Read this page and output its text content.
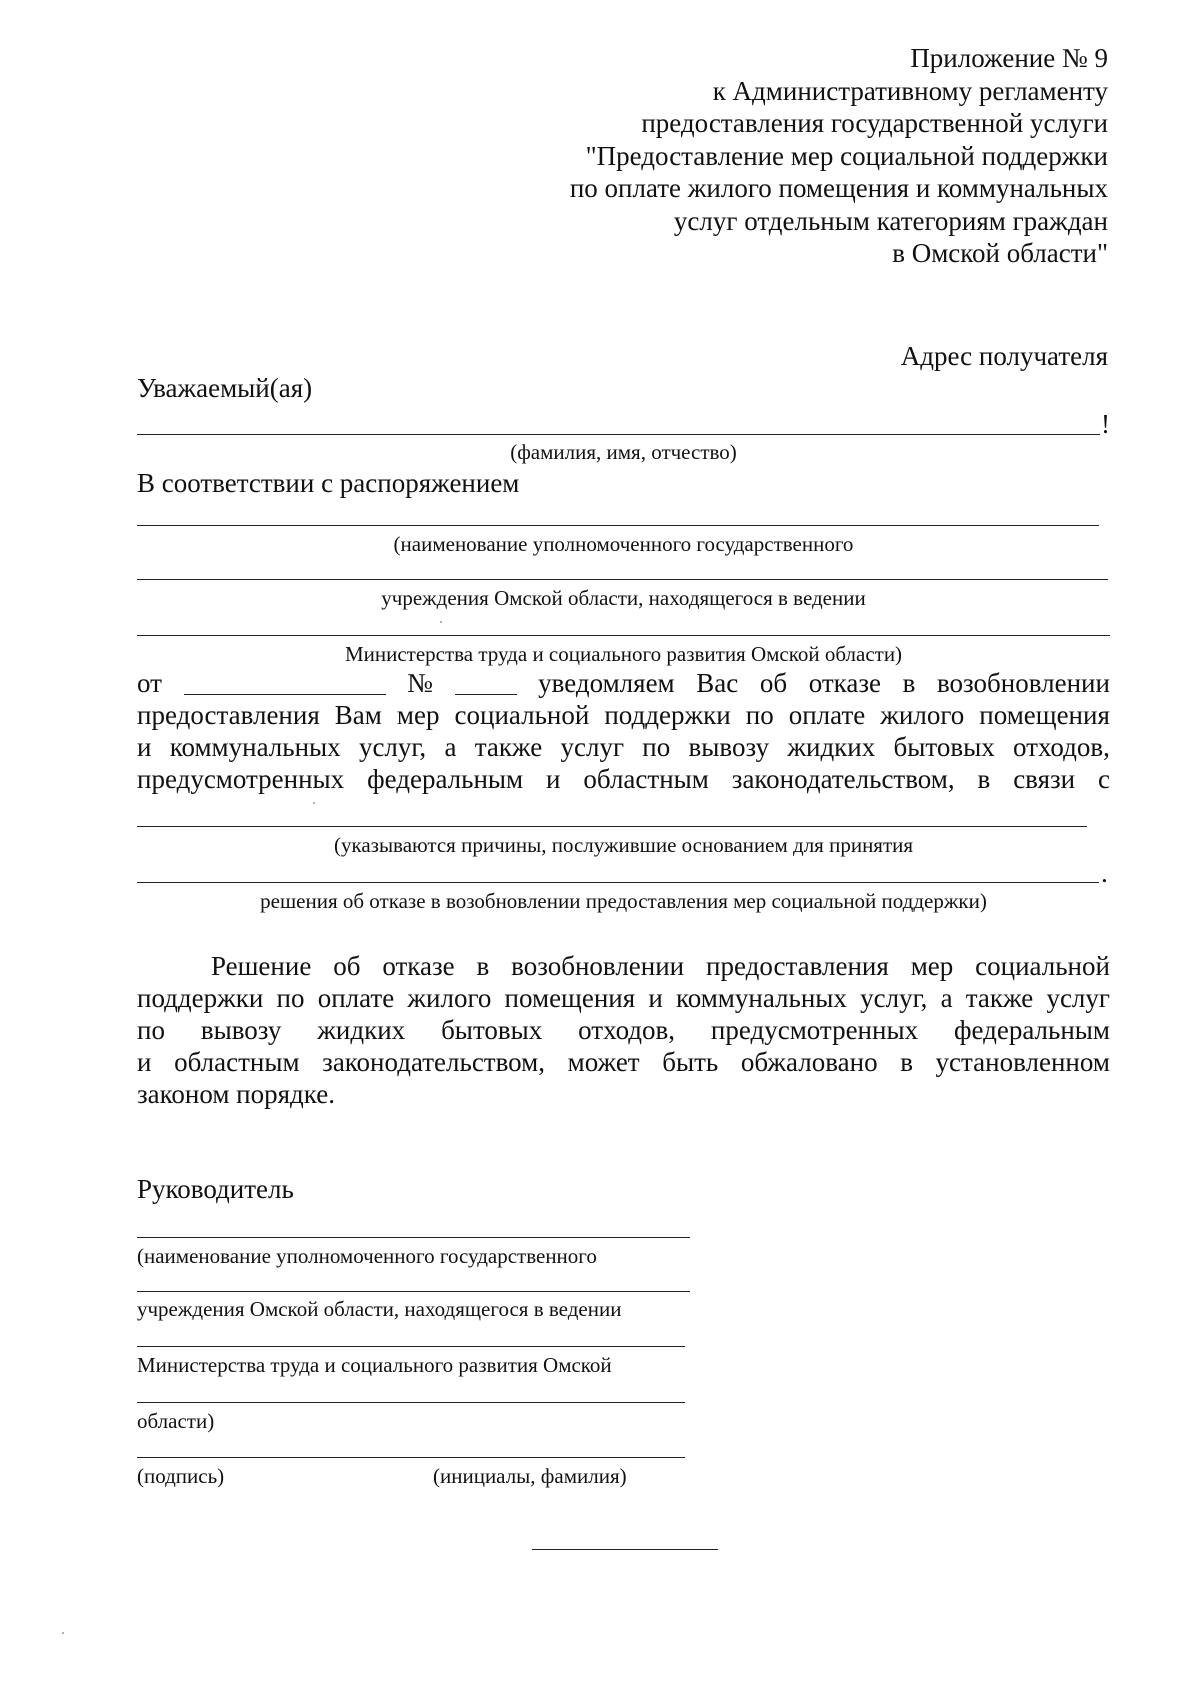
Приложение № 9
к Административному регламенту
предоставления государственной услуги
"Предоставление мер социальной поддержки
по оплате жилого помещения и коммунальных
услуг отдельным категориям граждан
в Омской области"
Адрес получателя
Уважаемый(ая)
!
(фамилия, имя, отчество)
В соответствии с распоряжением
(наименование уполномоченного государственного
учреждения Омской области, находящегося в ведении
Министерства труда и социального развития Омской области)
от	№	уведомляем Вас об отказе в возобновлении
предоставления Вам мер социальной поддержки по оплате жилого помещения
и коммунальных услуг, а также услуг по вывозу жидких бытовых отходов,
предусмотренных федеральным и областным законодательством, в связи с
(указываются причины, послужившие основанием для принятия
.
решения об отказе в возобновлении предоставления мер социальной поддержки)
Решение об отказе в возобновлении предоставления мер социальной
поддержки по оплате жилого помещения и коммунальных услуг, а также услуг
по вывозу жидких бытовых отходов, предусмотренных федеральным
и областным законодательством, может быть обжаловано в установленном
законом порядке.
Руководитель
(наименование уполномоченного государственного
учреждения Омской области, находящегося в ведении
Министерства труда и социального развития Омской
области)
(подпись)	(инициалы, фамилия)
